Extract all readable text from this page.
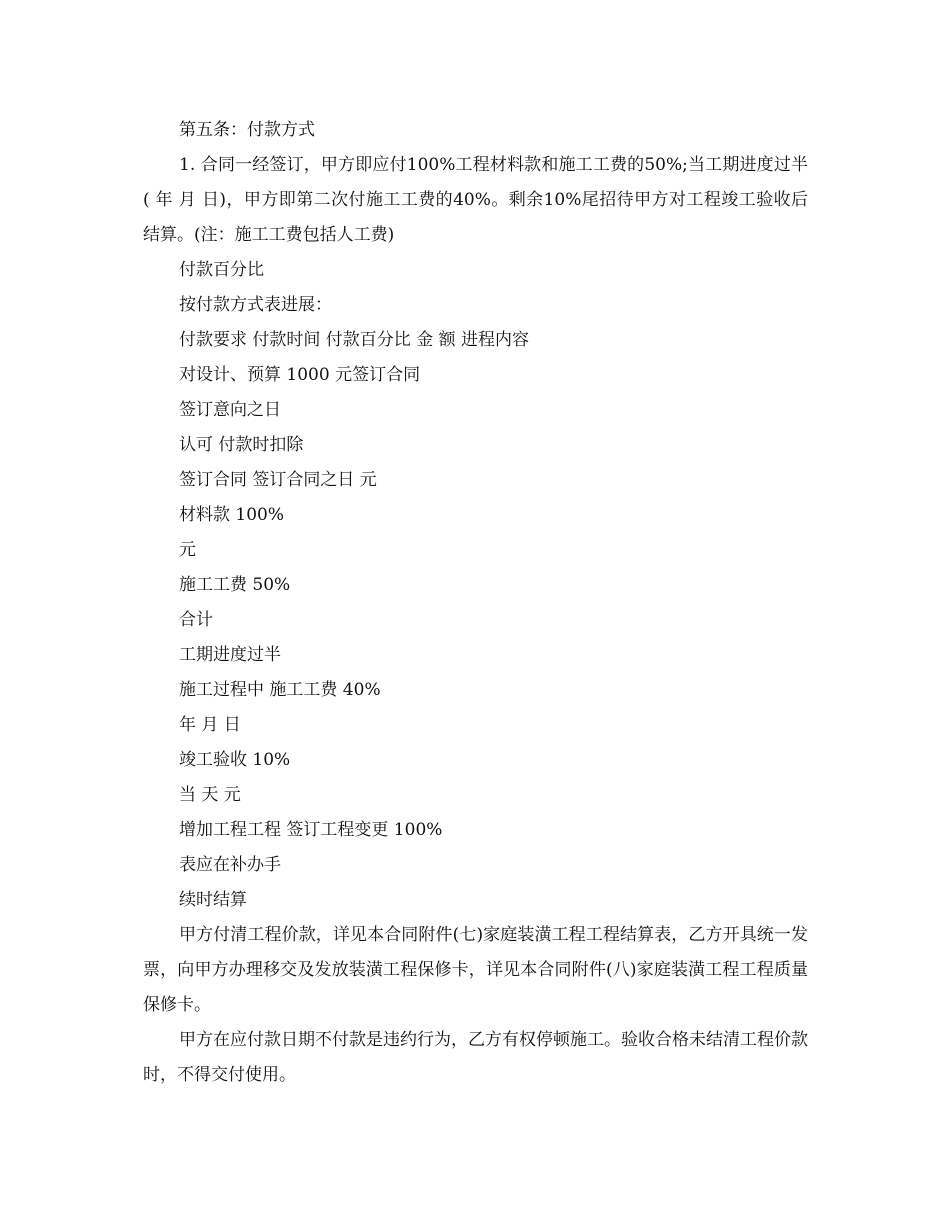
第五条：付款方式
1. 合同一经签订，甲方即应付100%工程材料款和施工工费的50%;当工期进度过半( 年 月 日)，甲方即第二次付施工工费的40%。剩余10%尾招待甲方对工程竣工验收后结算。(注：施工工费包括人工费)
付款百分比
按付款方式表进展：
付款要求 付款时间 付款百分比 金 额 进程内容
对设计、预算 1000 元签订合同
签订意向之日
认可 付款时扣除
签订合同 签订合同之日 元
材料款 100%
元
施工工费 50%
合计
工期进度过半
施工过程中 施工工费 40%
年 月 日
竣工验收 10%
当 天 元
增加工程工程 签订工程变更 100%
表应在补办手
续时结算
甲方付清工程价款，详见本合同附件(七)家庭装潢工程工程结算表，乙方开具统一发票，向甲方办理移交及发放装潢工程保修卡，详见本合同附件(八)家庭装潢工程工程质量保修卡。
甲方在应付款日期不付款是违约行为，乙方有权停顿施工。验收合格未结清工程价款时，不得交付使用。
